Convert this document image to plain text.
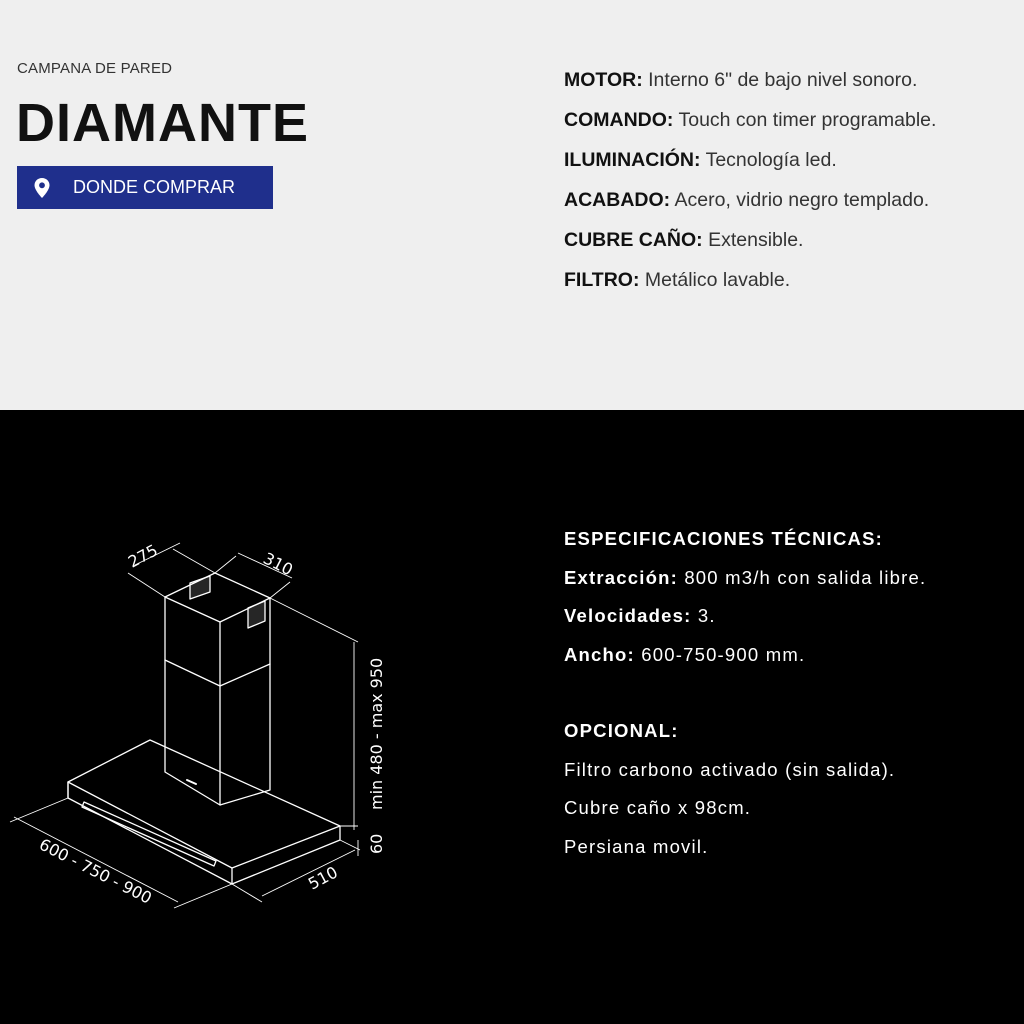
CAMPANA DE PARED
DIAMANTE
DONDE COMPRAR
MOTOR: Interno 6" de bajo nivel sonoro.
COMANDO: Touch con timer programable.
ILUMINACIÓN: Tecnología led.
ACABADO: Acero, vidrio negro templado.
CUBRE CAÑO: Extensible.
FILTRO: Metálico lavable.
275	310
min 480 - max 950
60
510
600 - 750 - 900
ESPECIFICACIONES TÉCNICAS:
Extracción: 800 m3/h con salida libre.
Velocidades: 3.
Ancho: 600-750-900 mm.
OPCIONAL:
Filtro carbono activado (sin salida).
Cubre caño x 98cm.
Persiana movil.
